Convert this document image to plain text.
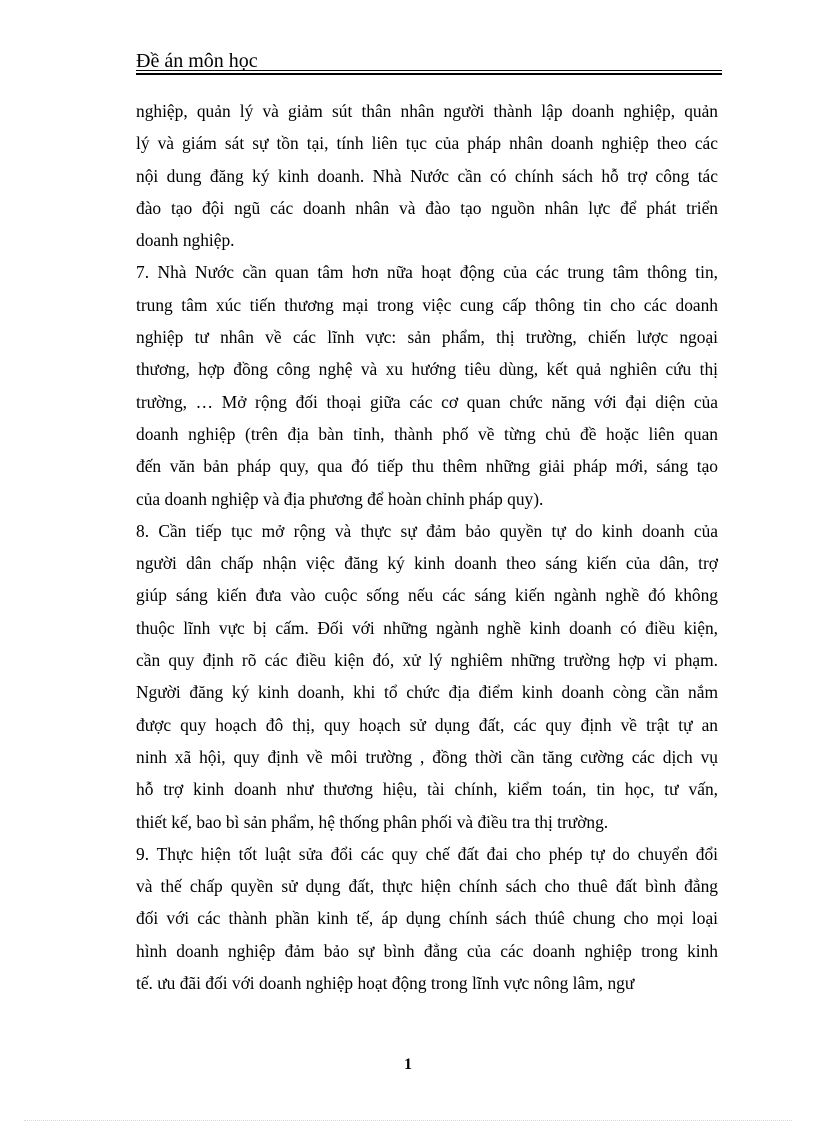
Đề án môn học
nghiệp, quản lý và giảm sút thân nhân người thành lập doanh nghiệp, quản
lý và giám sát sự tồn tại, tính liên tục của pháp nhân doanh nghiệp theo các
nội dung đăng ký kinh doanh. Nhà Nước cần có chính sách hỗ trợ công tác
đào tạo đội ngũ các doanh nhân và đào tạo nguồn nhân lực để phát triển
doanh nghiệp.
7. Nhà Nước cần quan tâm hơn nữa hoạt động của các trung tâm thông tin,
trung tâm xúc tiến thương mại trong việc cung cấp thông tin cho các doanh
nghiệp tư nhân về các lĩnh vực: sản phẩm, thị trường, chiến lược ngoại
thương, hợp đồng công nghệ và xu hướng tiêu dùng, kết quả nghiên cứu thị
trường, … Mở rộng đối thoại giữa các cơ quan chức năng với đại diện của
doanh nghiệp (trên địa bàn tỉnh, thành phố về từng chủ đề hoặc liên quan
đến văn bản pháp quy, qua đó tiếp thu thêm những giải pháp mới, sáng tạo
của doanh nghiệp và địa phương để hoàn chỉnh pháp quy).
8. Cần tiếp tục mở rộng và thực sự đảm bảo quyền tự do kinh doanh của
người dân chấp nhận việc đăng ký kinh doanh theo sáng kiến của dân, trợ
giúp sáng kiến đưa vào cuộc sống nếu các sáng kiến ngành nghề đó không
thuộc lĩnh vực bị cấm. Đối với những ngành nghề kinh doanh có điều kiện,
cần quy định rõ các điều kiện đó, xử lý nghiêm những trường hợp vi phạm.
Người đăng ký kinh doanh, khi tổ chức địa điểm kinh doanh còng cần nắm
được quy hoạch đô thị, quy hoạch sử dụng đất, các quy định về trật tự an
ninh xã hội, quy định về môi trường , đồng thời cần tăng cường các dịch vụ
hỗ trợ kinh doanh như thương hiệu, tài chính, kiểm toán, tin học, tư vấn,
thiết kế, bao bì sản phẩm, hệ thống phân phối và điều tra thị trường.
9. Thực hiện tốt luật sửa đổi các quy chế đất đai cho phép tự do chuyển đổi
và thế chấp quyền sử dụng đất, thực hiện chính sách cho thuê đất bình đẳng
đối với các thành phần kinh tế, áp dụng chính sách thúê chung cho mọi loại
hình doanh nghiệp đảm bảo sự bình đẳng của các doanh nghiệp trong kinh
tế. ưu đãi đối với doanh nghiệp hoạt động trong lĩnh vực nông lâm, ngư
1
